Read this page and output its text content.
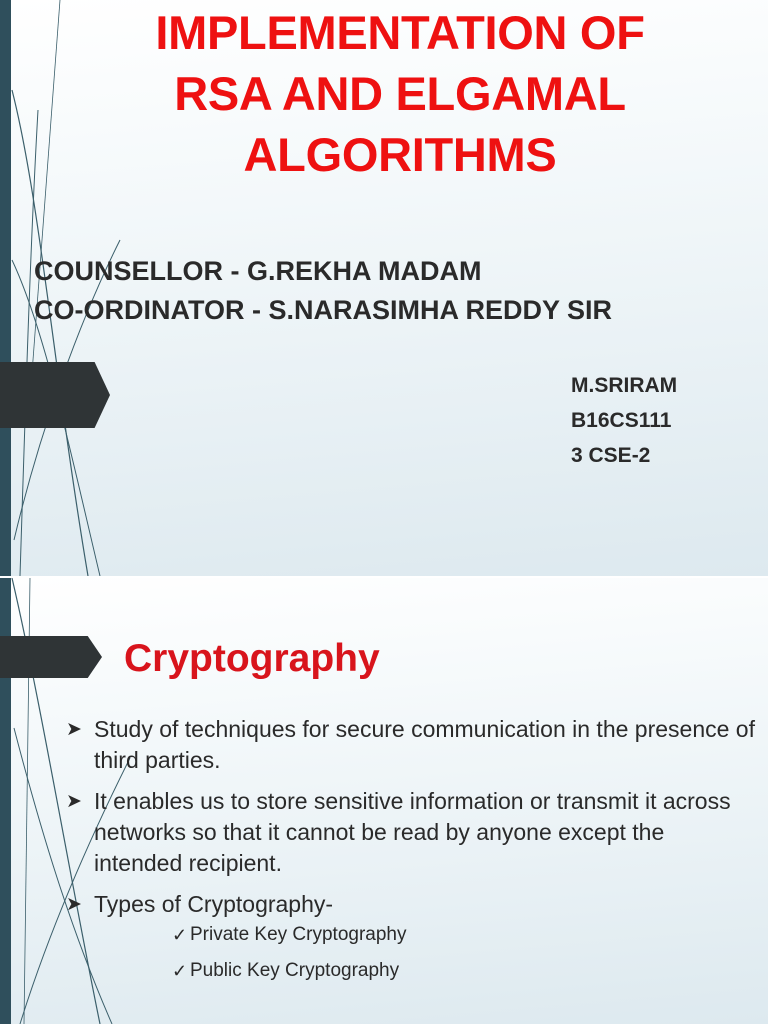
IMPLEMENTATION OF
RSA AND ELGAMAL
ALGORITHMS
COUNSELLOR - G.REKHA MADAM
CO-ORDINATOR - S.NARASIMHA REDDY SIR
M.SRIRAM
B16CS111
3 CSE-2
Cryptography
➤ Study of techniques for secure communication in the presence of third parties.
➤ It enables us to store sensitive information or transmit it across networks so that it cannot be read by anyone except the intended recipient.
➤ Types of Cryptography-
✓ Private Key Cryptography
✓ Public Key Cryptography
